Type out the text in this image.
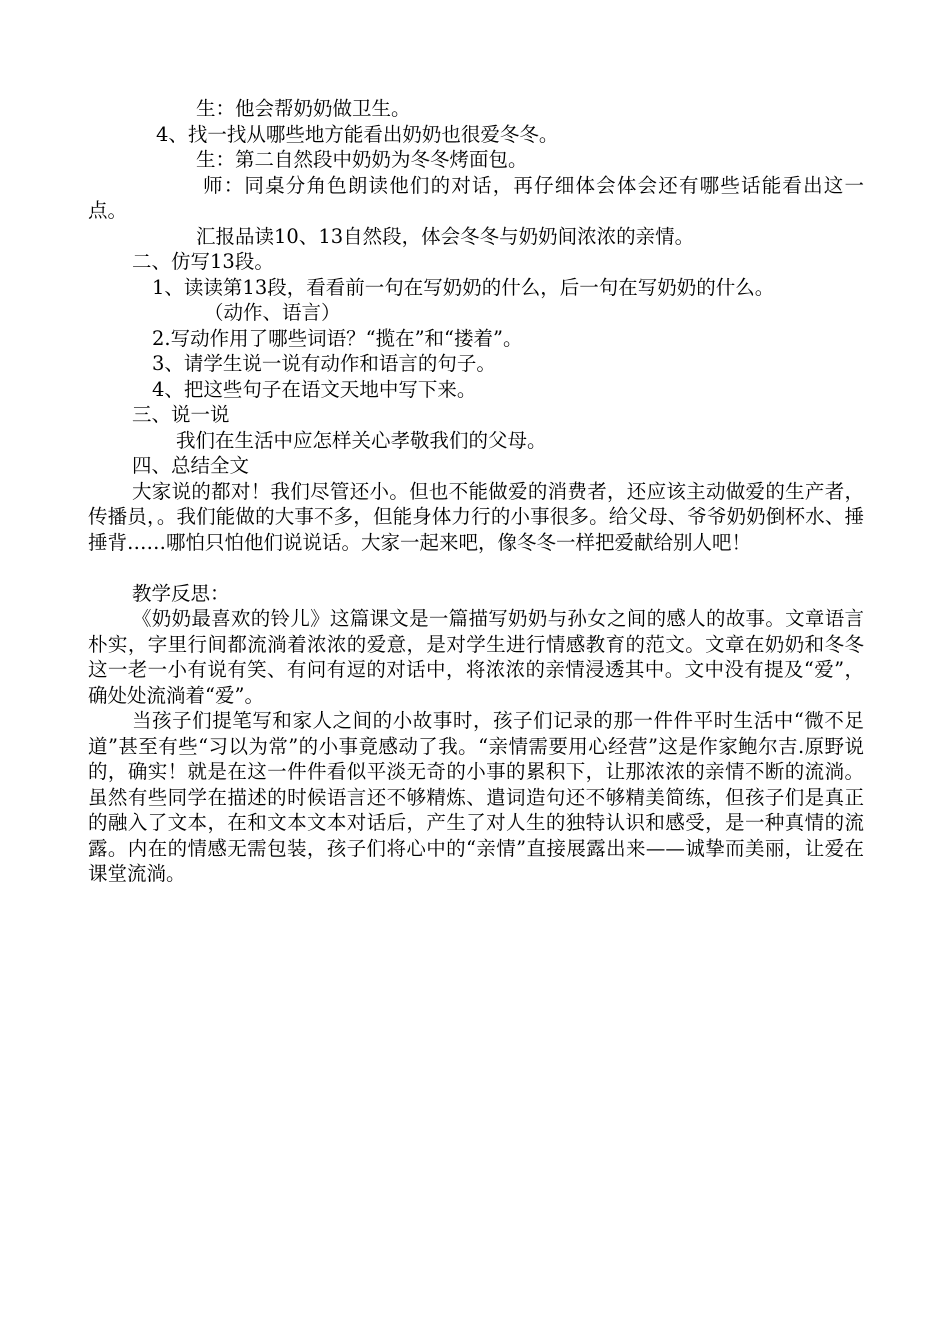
生：他会帮奶奶做卫生。

4、找一找从哪些地方能看出奶奶也很爱冬冬。

生：第二自然段中奶奶为冬冬烤面包。

师：同桌分角色朗读他们的对话，再仔细体会体会还有哪些话能看出这一点。

汇报品读10、13自然段，体会冬冬与奶奶间浓浓的亲情。

二、仿写13段。

1、读读第13段，看看前一句在写奶奶的什么，后一句在写奶奶的什么。

（动作、语言）

2.写动作用了哪些词语？“揽在”和“搂着”。

3、请学生说一说有动作和语言的句子。

4、把这些句子在语文天地中写下来。

三、说一说

我们在生活中应怎样关心孝敬我们的父母。

四、总结全文

大家说的都对！我们尽管还小。但也不能做爱的消费者，还应该主动做爱的生产者，传播员，。我们能做的大事不多，但能身体力行的小事很多。给父母、爷爷奶奶倒杯水、捶捶背……哪怕只怕他们说说话。大家一起来吧，像冬冬一样把爱献给别人吧！

教学反思：

《奶奶最喜欢的铃儿》这篇课文是一篇描写奶奶与孙女之间的感人的故事。文章语言朴实，字里行间都流淌着浓浓的爱意，是对学生进行情感教育的范文。文章在奶奶和冬冬这一老一小有说有笑、有问有逗的对话中，将浓浓的亲情浸透其中。文中没有提及“爱”，确处处流淌着“爱”。

当孩子们提笔写和家人之间的小故事时，孩子们记录的那一件件平时生活中“微不足道”甚至有些“习以为常”的小事竟感动了我。“亲情需要用心经营”这是作家鲍尔吉.原野说的，确实！就是在这一件件看似平淡无奇的小事的累积下，让那浓浓的亲情不断的流淌。虽然有些同学在描述的时候语言还不够精炼、遣词造句还不够精美简练，但孩子们是真正的融入了文本，在和文本文本对话后，产生了对人生的独特认识和感受，是一种真情的流露。内在的情感无需包装，孩子们将心中的“亲情”直接展露出来——诚挚而美丽，让爱在课堂流淌。
